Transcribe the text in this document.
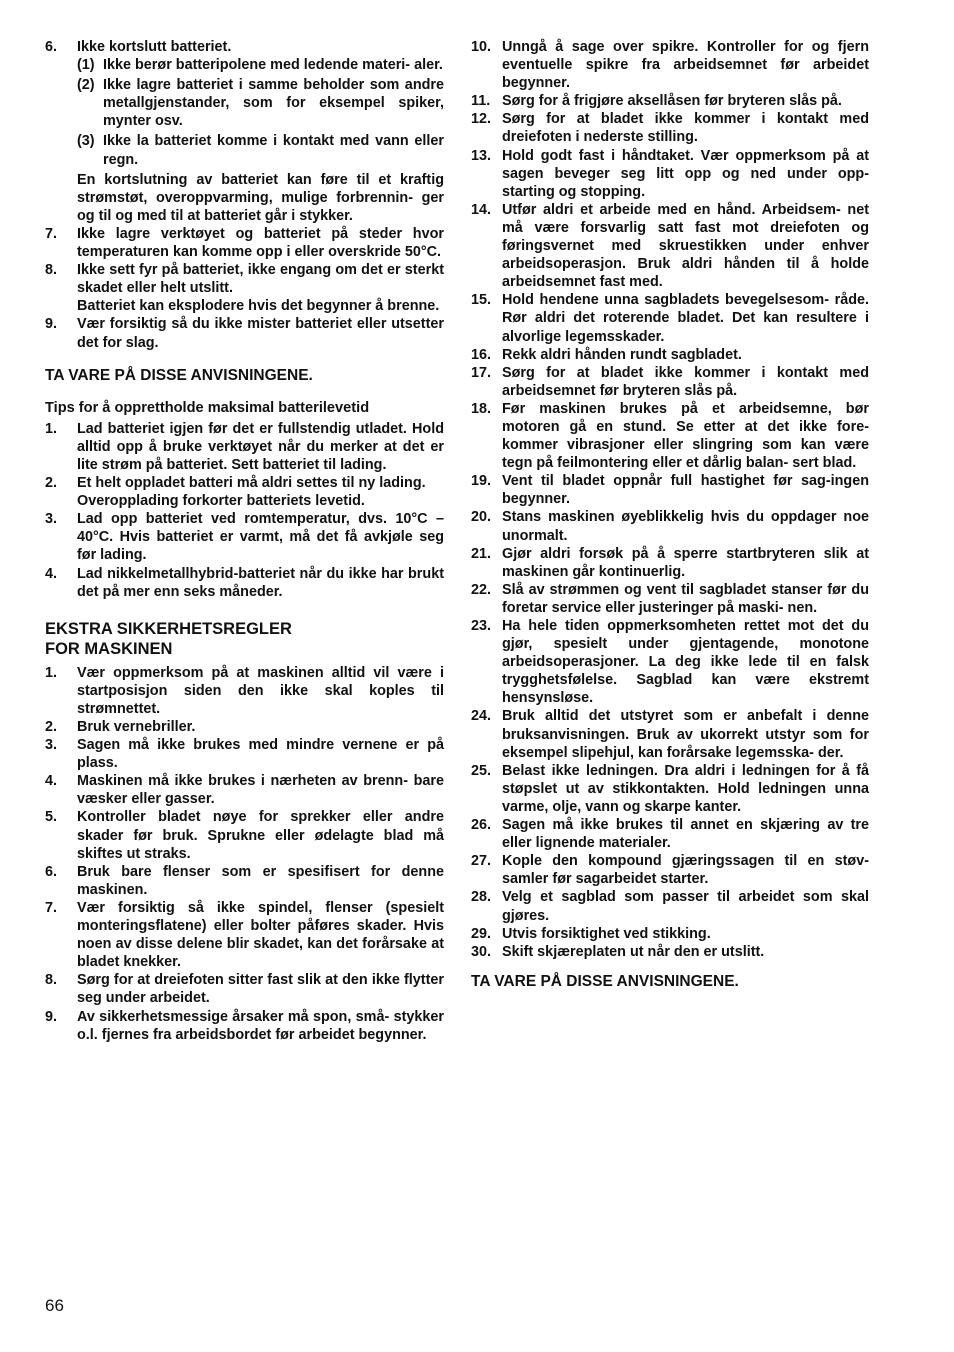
6. Ikke kortslutt batteriet.
(1) Ikke berør batteripolene med ledende materi- aler.
(2) Ikke lagre batteriet i samme beholder som andre metallgjenstander, som for eksempel spiker, mynter osv.
(3) Ikke la batteriet komme i kontakt med vann eller regn.
En kortslutning av batteriet kan føre til et kraftig strømstøt, overoppvarming, mulige forbrennin- ger og til og med til at batteriet går i stykker.
7. Ikke lagre verktøyet og batteriet på steder hvor temperaturen kan komme opp i eller overskride 50°C.
8. Ikke sett fyr på batteriet, ikke engang om det er sterkt skadet eller helt utslitt.
Batteriet kan eksplodere hvis det begynner å brenne.
9. Vær forsiktig så du ikke mister batteriet eller utsetter det for slag.
TA VARE PÅ DISSE ANVISNINGENE.
Tips for å opprettholde maksimal batterilevetid
1. Lad batteriet igjen før det er fullstendig utladet. Hold alltid opp å bruke verktøyet når du merker at det er lite strøm på batteriet. Sett batteriet til lading.
2. Et helt oppladet batteri må aldri settes til ny lading.
Overopplading forkorter batteriets levetid.
3. Lad opp batteriet ved romtemperatur, dvs. 10°C – 40°C. Hvis batteriet er varmt, må det få avkjøle seg før lading.
4. Lad nikkelmetallhybrid-batteriet når du ikke har brukt det på mer enn seks måneder.
EKSTRA SIKKERHETSREGLER
FOR MASKINEN
1. Vær oppmerksom på at maskinen alltid vil være i startposisjon siden den ikke skal koples til strømnettet.
2. Bruk vernebriller.
3. Sagen må ikke brukes med mindre vernene er på plass.
4. Maskinen må ikke brukes i nærheten av brenn- bare væsker eller gasser.
5. Kontroller bladet nøye for sprekker eller andre skader før bruk. Sprukne eller ødelagte blad må skiftes ut straks.
6. Bruk bare flenser som er spesifisert for denne maskinen.
7. Vær forsiktig så ikke spindel, flenser (spesielt monteringsflatene) eller bolter påføres skader. Hvis noen av disse delene blir skadet, kan det forårsake at bladet knekker.
8. Sørg for at dreiefoten sitter fast slik at den ikke flytter seg under arbeidet.
9. Av sikkerhetsmessige årsaker må spon, små- stykker o.l. fjernes fra arbeidsbordet før arbeidet begynner.
10. Unngå å sage over spikre. Kontroller for og fjern eventuelle spikre fra arbeidsemnet før arbeidet begynner.
11. Sørg for å frigjøre aksellåsen før bryteren slås på.
12. Sørg for at bladet ikke kommer i kontakt med dreiefoten i nederste stilling.
13. Hold godt fast i håndtaket. Vær oppmerksom på at sagen beveger seg litt opp og ned under opp- starting og stopping.
14. Utfør aldri et arbeide med en hånd. Arbeidsem- net må være forsvarlig satt fast mot dreiefoten og føringsvernet med skruestikken under enhver arbeidsoperasjon. Bruk aldri hånden til å holde arbeidsemnet fast med.
15. Hold hendene unna sagbladets bevegelsesom- råde. Rør aldri det roterende bladet. Det kan resultere i alvorlige legemsskader.
16. Rekk aldri hånden rundt sagbladet.
17. Sørg for at bladet ikke kommer i kontakt med arbeidsemnet før bryteren slås på.
18. Før maskinen brukes på et arbeidsemne, bør motoren gå en stund. Se etter at det ikke fore- kommer vibrasjoner eller slingring som kan være tegn på feilmontering eller et dårlig balan- sert blad.
19. Vent til bladet oppnår full hastighet før sag-ingen begynner.
20. Stans maskinen øyeblikkelig hvis du oppdager noe unormalt.
21. Gjør aldri forsøk på å sperre startbryteren slik at maskinen går kontinuerlig.
22. Slå av strømmen og vent til sagbladet stanser før du foretar service eller justeringer på maski- nen.
23. Ha hele tiden oppmerksomheten rettet mot det du gjør, spesielt under gjentagende, monotone arbeidsoperasjoner. La deg ikke lede til en falsk trygghetsfølelse. Sagblad kan være ekstremt hensynsløse.
24. Bruk alltid det utstyret som er anbefalt i denne bruksanvisningen. Bruk av ukorrekt utstyr som for eksempel slipehjul, kan forårsake legemsska- der.
25. Belast ikke ledningen. Dra aldri i ledningen for å få støpslet ut av stikkontakten. Hold ledningen unna varme, olje, vann og skarpe kanter.
26. Sagen må ikke brukes til annet en skjæring av tre eller lignende materialer.
27. Kople den kompound gjæringssagen til en støv- samler før sagarbeidet starter.
28. Velg et sagblad som passer til arbeidet som skal gjøres.
29. Utvis forsiktighet ved stikking.
30. Skift skjæreplaten ut når den er utslitt.
TA VARE PÅ DISSE ANVISNINGENE.
66
